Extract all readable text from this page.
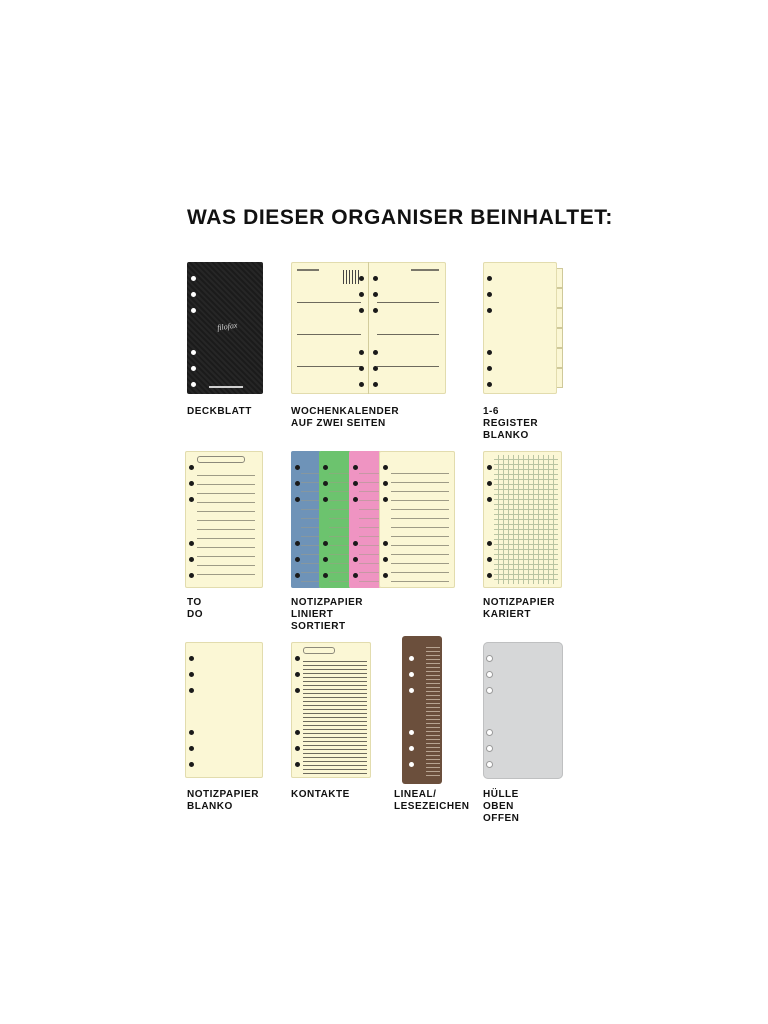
WAS DIESER ORGANISER BEINHALTET:
filofax
DECKBLATT	WOCHENKALENDER
AUF ZWEI SEITEN
1-6 REGISTER
BLANKO
TO DO
NOTIZPAPIER LINIERT
SORTIERT
NOTIZPAPIER
KARIERT
NOTIZPAPIER
BLANKO
KONTAKTE	LINEAL/
LESEZEICHEN
HÜLLE OBEN
OFFEN
